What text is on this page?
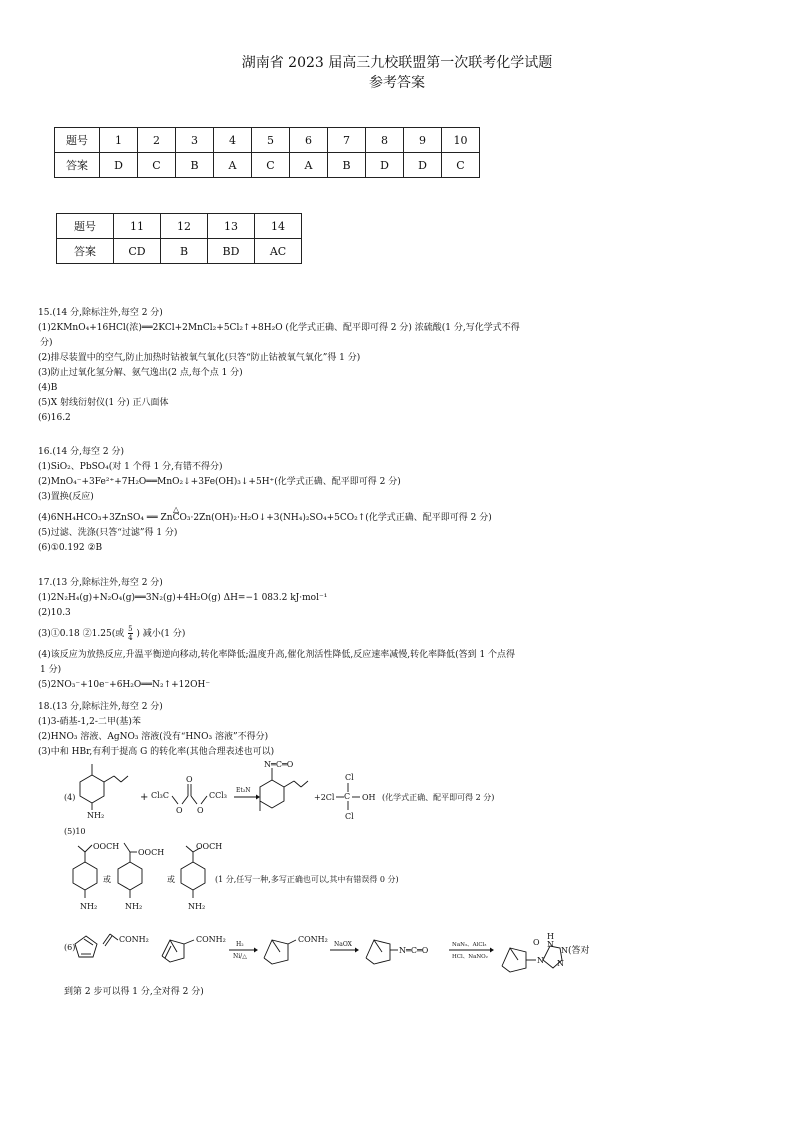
湖南省 2023 届高三九校联盟第一次联考化学试题
参考答案
题号	1	2	3	4	5	6	7	8	9	10
答案	D	C	B	A	C	A	B	D	D	C
题号	11	12	13	14
答案	CD	B	BD	AC
15.(14 分,除标注外,每空 2 分)
(1)2KMnO₄+16HCl(浓)══2KCl+2MnCl₂+5Cl₂↑+8H₂O (化学式正确、配平即可得 2 分) 浓硫酸(1 分,写化学式不得
分)
(2)排尽装置中的空气,防止加热时钴被氧气氧化(只答“防止钴被氧气氧化”得 1 分)
(3)防止过氧化氢分解、氨气逸出(2 点,每个点 1 分)
(4)B
(5)X 射线衍射仪(1 分) 正八面体
(6)16.2
16.(14 分,每空 2 分)
(1)SiO₂、PbSO₄(对 1 个得 1 分,有错不得分)
(2)MnO₄⁻+3Fe²⁺+7H₂O══MnO₂↓+3Fe(OH)₃↓+5H⁺(化学式正确、配平即可得 2 分)
(3)置换(反应)
(4)6NH₄HCO₃+3ZnSO₄ ══ ZnCO₃·2Zn(OH)₂·H₂O↓+3(NH₄)₂SO₄+5CO₂↑(化学式正确、配平即可得 2 分)
(5)过滤、洗涤(只答“过滤”得 1 分)
(6)①0.192 ②B
△
17.(13 分,除标注外,每空 2 分)
(1)2N₂H₄(g)+N₂O₄(g)══3N₂(g)+4H₂O(g) ΔH=−1 083.2 kJ·mol⁻¹
(2)10.3
(3)①0.18 ②1.25(或 $\frac{5}{4}$ ) 减小(1 分)
(4)该反应为放热反应,升温平衡逆向移动,转化率降低;温度升高,催化剂活性降低,反应速率减慢,转化率降低(答到 1 个点得
1 分)
(5)2NO₃⁻+10e⁻+6H₂O══N₂↑+12OH⁻
18.(13 分,除标注外,每空 2 分)
(1)3-硝基-1,2-二甲(基)苯
(2)HNO₃ 溶液、AgNO₃ 溶液(没有“HNO₃ 溶液”不得分)
(3)中和 HBr,有利于提高 G 的转化率(其他合理表述也可以)
(4)
NH₂
+ Cl₃C
O
O
O
CCl₃
Et₃N
N═C═O
+2Cl C OH
Cl
Cl
(化学式正确、配平即可得 2 分)
(5)10
OOCH
NH₂
或
OOCH
NH₂
或
OOCH
NH₂
(1 分,任写一种,多写正确也可以,其中有错误得 0 分)
(6)
CONH₂	CONH₂
H₂
Ni/△
CONH₂
NaOX
N═C═O
NaN₃、AlCl₃
HCl、NaNO₂	N
O
H
N
N
N
(答对
到第 2 步可以得 1 分,全对得 2 分)
